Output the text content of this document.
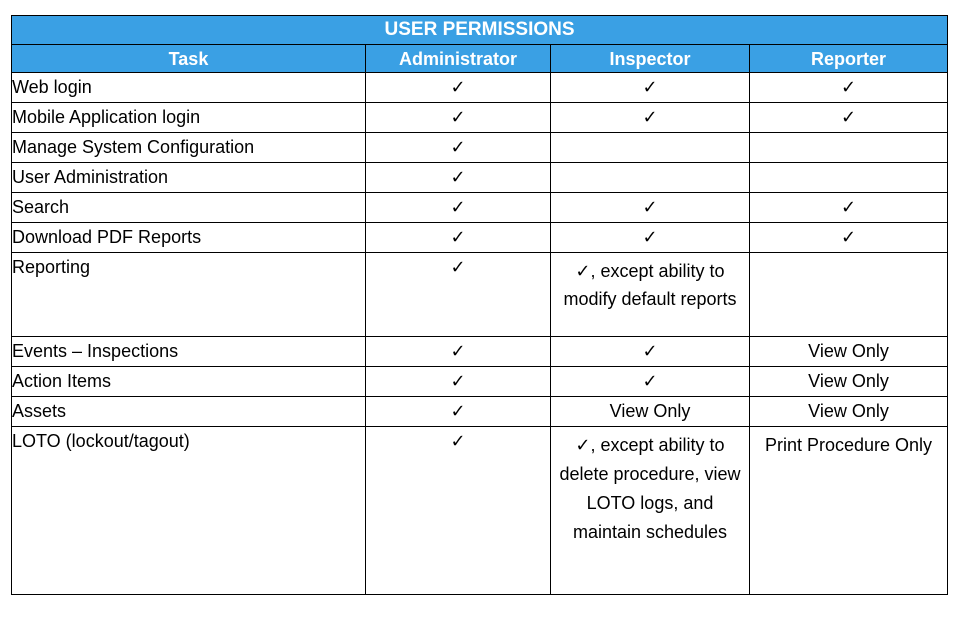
USER PERMISSIONS			
Task	Administrator	Inspector	Reporter
Web login	✓	✓	✓
Mobile Application login	✓	✓	✓
Manage System Configuration	✓		
User Administration	✓		
Search	✓	✓	✓
Download PDF Reports	✓	✓	✓
Reporting	✓	✓, except ability to modify default reports	
Events – Inspections	✓	✓	View Only
Action Items	✓	✓	View Only
Assets	✓	View Only	View Only
LOTO (lockout/tagout)	✓	✓, except ability to delete procedure, view LOTO logs, and maintain schedules	Print Procedure Only
